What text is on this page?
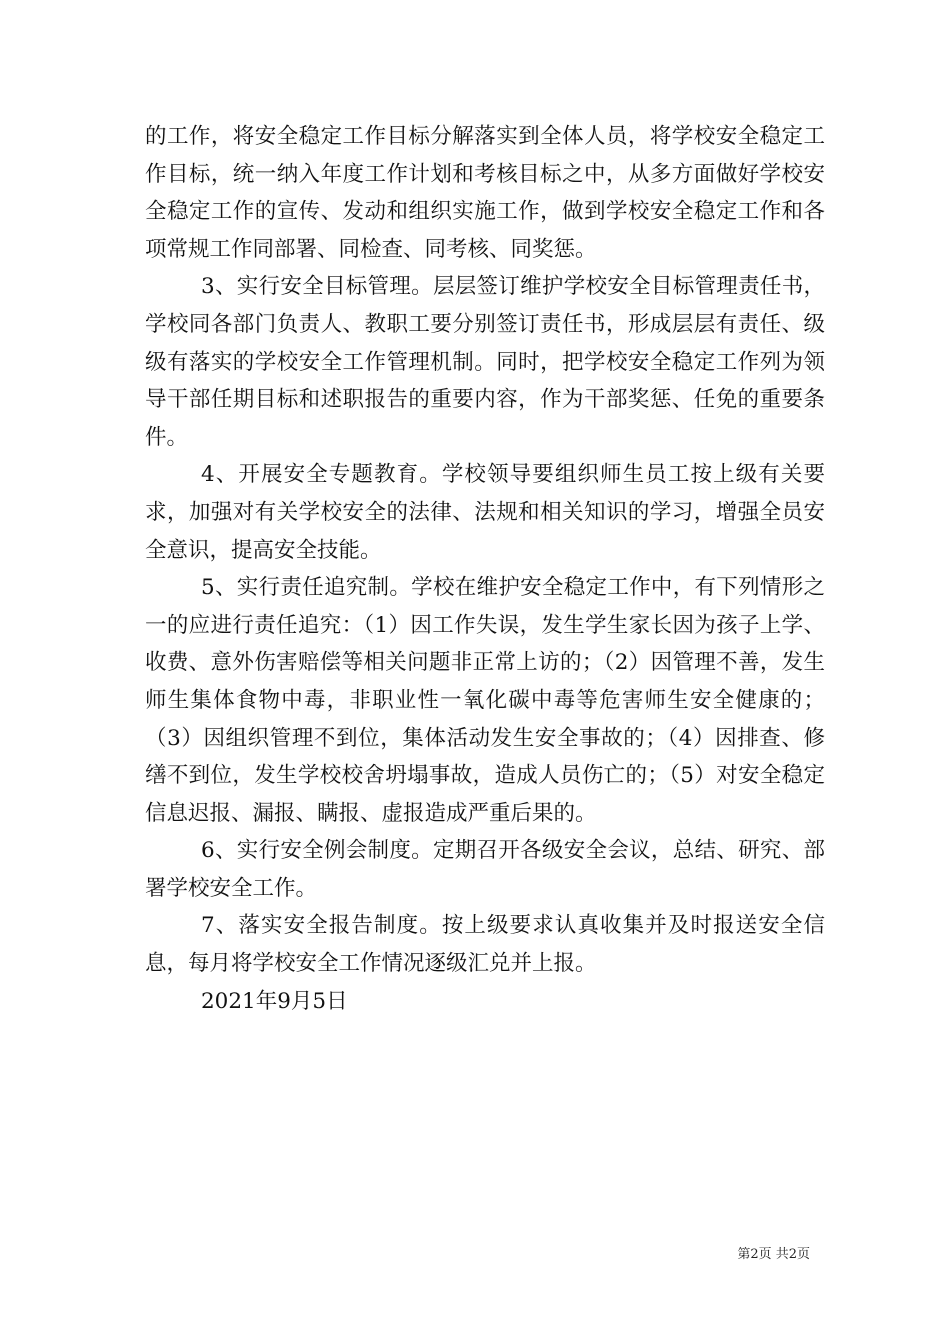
的工作，将安全稳定工作目标分解落实到全体人员，将学校安全稳定工作目标，统一纳入年度工作计划和考核目标之中，从多方面做好学校安全稳定工作的宣传、发动和组织实施工作，做到学校安全稳定工作和各项常规工作同部署、同检查、同考核、同奖惩。

3、实行安全目标管理。层层签订维护学校安全目标管理责任书，学校同各部门负责人、教职工要分别签订责任书，形成层层有责任、级级有落实的学校安全工作管理机制。同时，把学校安全稳定工作列为领导干部任期目标和述职报告的重要内容，作为干部奖惩、任免的重要条件。

4、开展安全专题教育。学校领导要组织师生员工按上级有关要求，加强对有关学校安全的法律、法规和相关知识的学习，增强全员安全意识，提高安全技能。

5、实行责任追究制。学校在维护安全稳定工作中，有下列情形之一的应进行责任追究：（1）因工作失误，发生学生家长因为孩子上学、收费、意外伤害赔偿等相关问题非正常上访的；（2）因管理不善，发生师生集体食物中毒，非职业性一氧化碳中毒等危害师生安全健康的；（3）因组织管理不到位，集体活动发生安全事故的；（4）因排查、修缮不到位，发生学校校舍坍塌事故，造成人员伤亡的；（5）对安全稳定信息迟报、漏报、瞒报、虚报造成严重后果的。

6、实行安全例会制度。定期召开各级安全会议，总结、研究、部署学校安全工作。

7、落实安全报告制度。按上级要求认真收集并及时报送安全信息，每月将学校安全工作情况逐级汇兑并上报。

2021年9月5日

第2页 共2页
